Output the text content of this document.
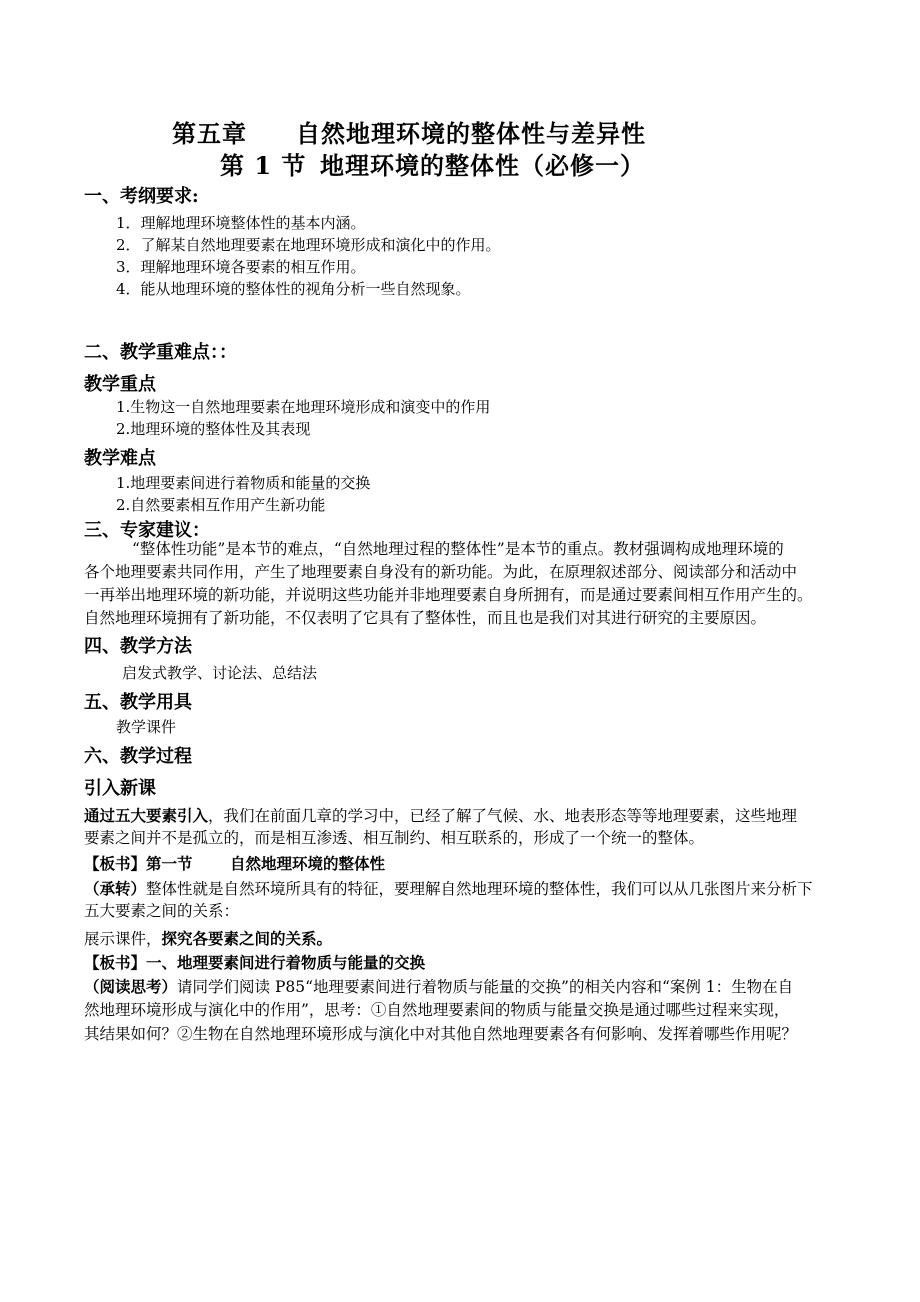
第五章 自然地理环境的整体性与差异性
第 1 节 地理环境的整体性（必修一）
一、考纲要求:
1．理解地理环境整体性的基本内涵。
2．了解某自然地理要素在地理环境形成和演化中的作用。
3．理解地理环境各要素的相互作用。
4．能从地理环境的整体性的视角分析一些自然现象。
二、教学重难点：：
教学重点
1.生物这一自然地理要素在地理环境形成和演变中的作用
2.地理环境的整体性及其表现
教学难点
1.地理要素间进行着物质和能量的交换
2.自然要素相互作用产生新功能
三、专家建议：
“整体性功能”是本节的难点，“自然地理过程的整体性”是本节的重点。教材强调构成地理环境的
各个地理要素共同作用，产生了地理要素自身没有的新功能。为此，在原理叙述部分、阅读部分和活动中
一再举出地理环境的新功能，并说明这些功能并非地理要素自身所拥有，而是通过要素间相互作用产生的。
自然地理环境拥有了新功能，不仅表明了它具有了整体性，而且也是我们对其进行研究的主要原因。
四、教学方法
启发式教学、讨论法、总结法
五、教学用具
教学课件
六、教学过程
引入新课
通过五大要素引入，我们在前面几章的学习中，已经了解了气候、水、地表形态等等地理要素，这些地理
要素之间并不是孤立的，而是相互渗透、相互制约、相互联系的，形成了一个统一的整体。
【板书】第一节 自然地理环境的整体性
（承转）整体性就是自然环境所具有的特征，要理解自然地理环境的整体性，我们可以从几张图片来分析下
五大要素之间的关系：
展示课件，探究各要素之间的关系。
【板书】一、地理要素间进行着物质与能量的交换
（阅读思考）请同学们阅读 P85“地理要素间进行着物质与能量的交换”的相关内容和“案例 1：生物在自
然地理环境形成与演化中的作用”，思考：①自然地理要素间的物质与能量交换是通过哪些过程来实现，
其结果如何？②生物在自然地理环境形成与演化中对其他自然地理要素各有何影响、发挥着哪些作用呢？
